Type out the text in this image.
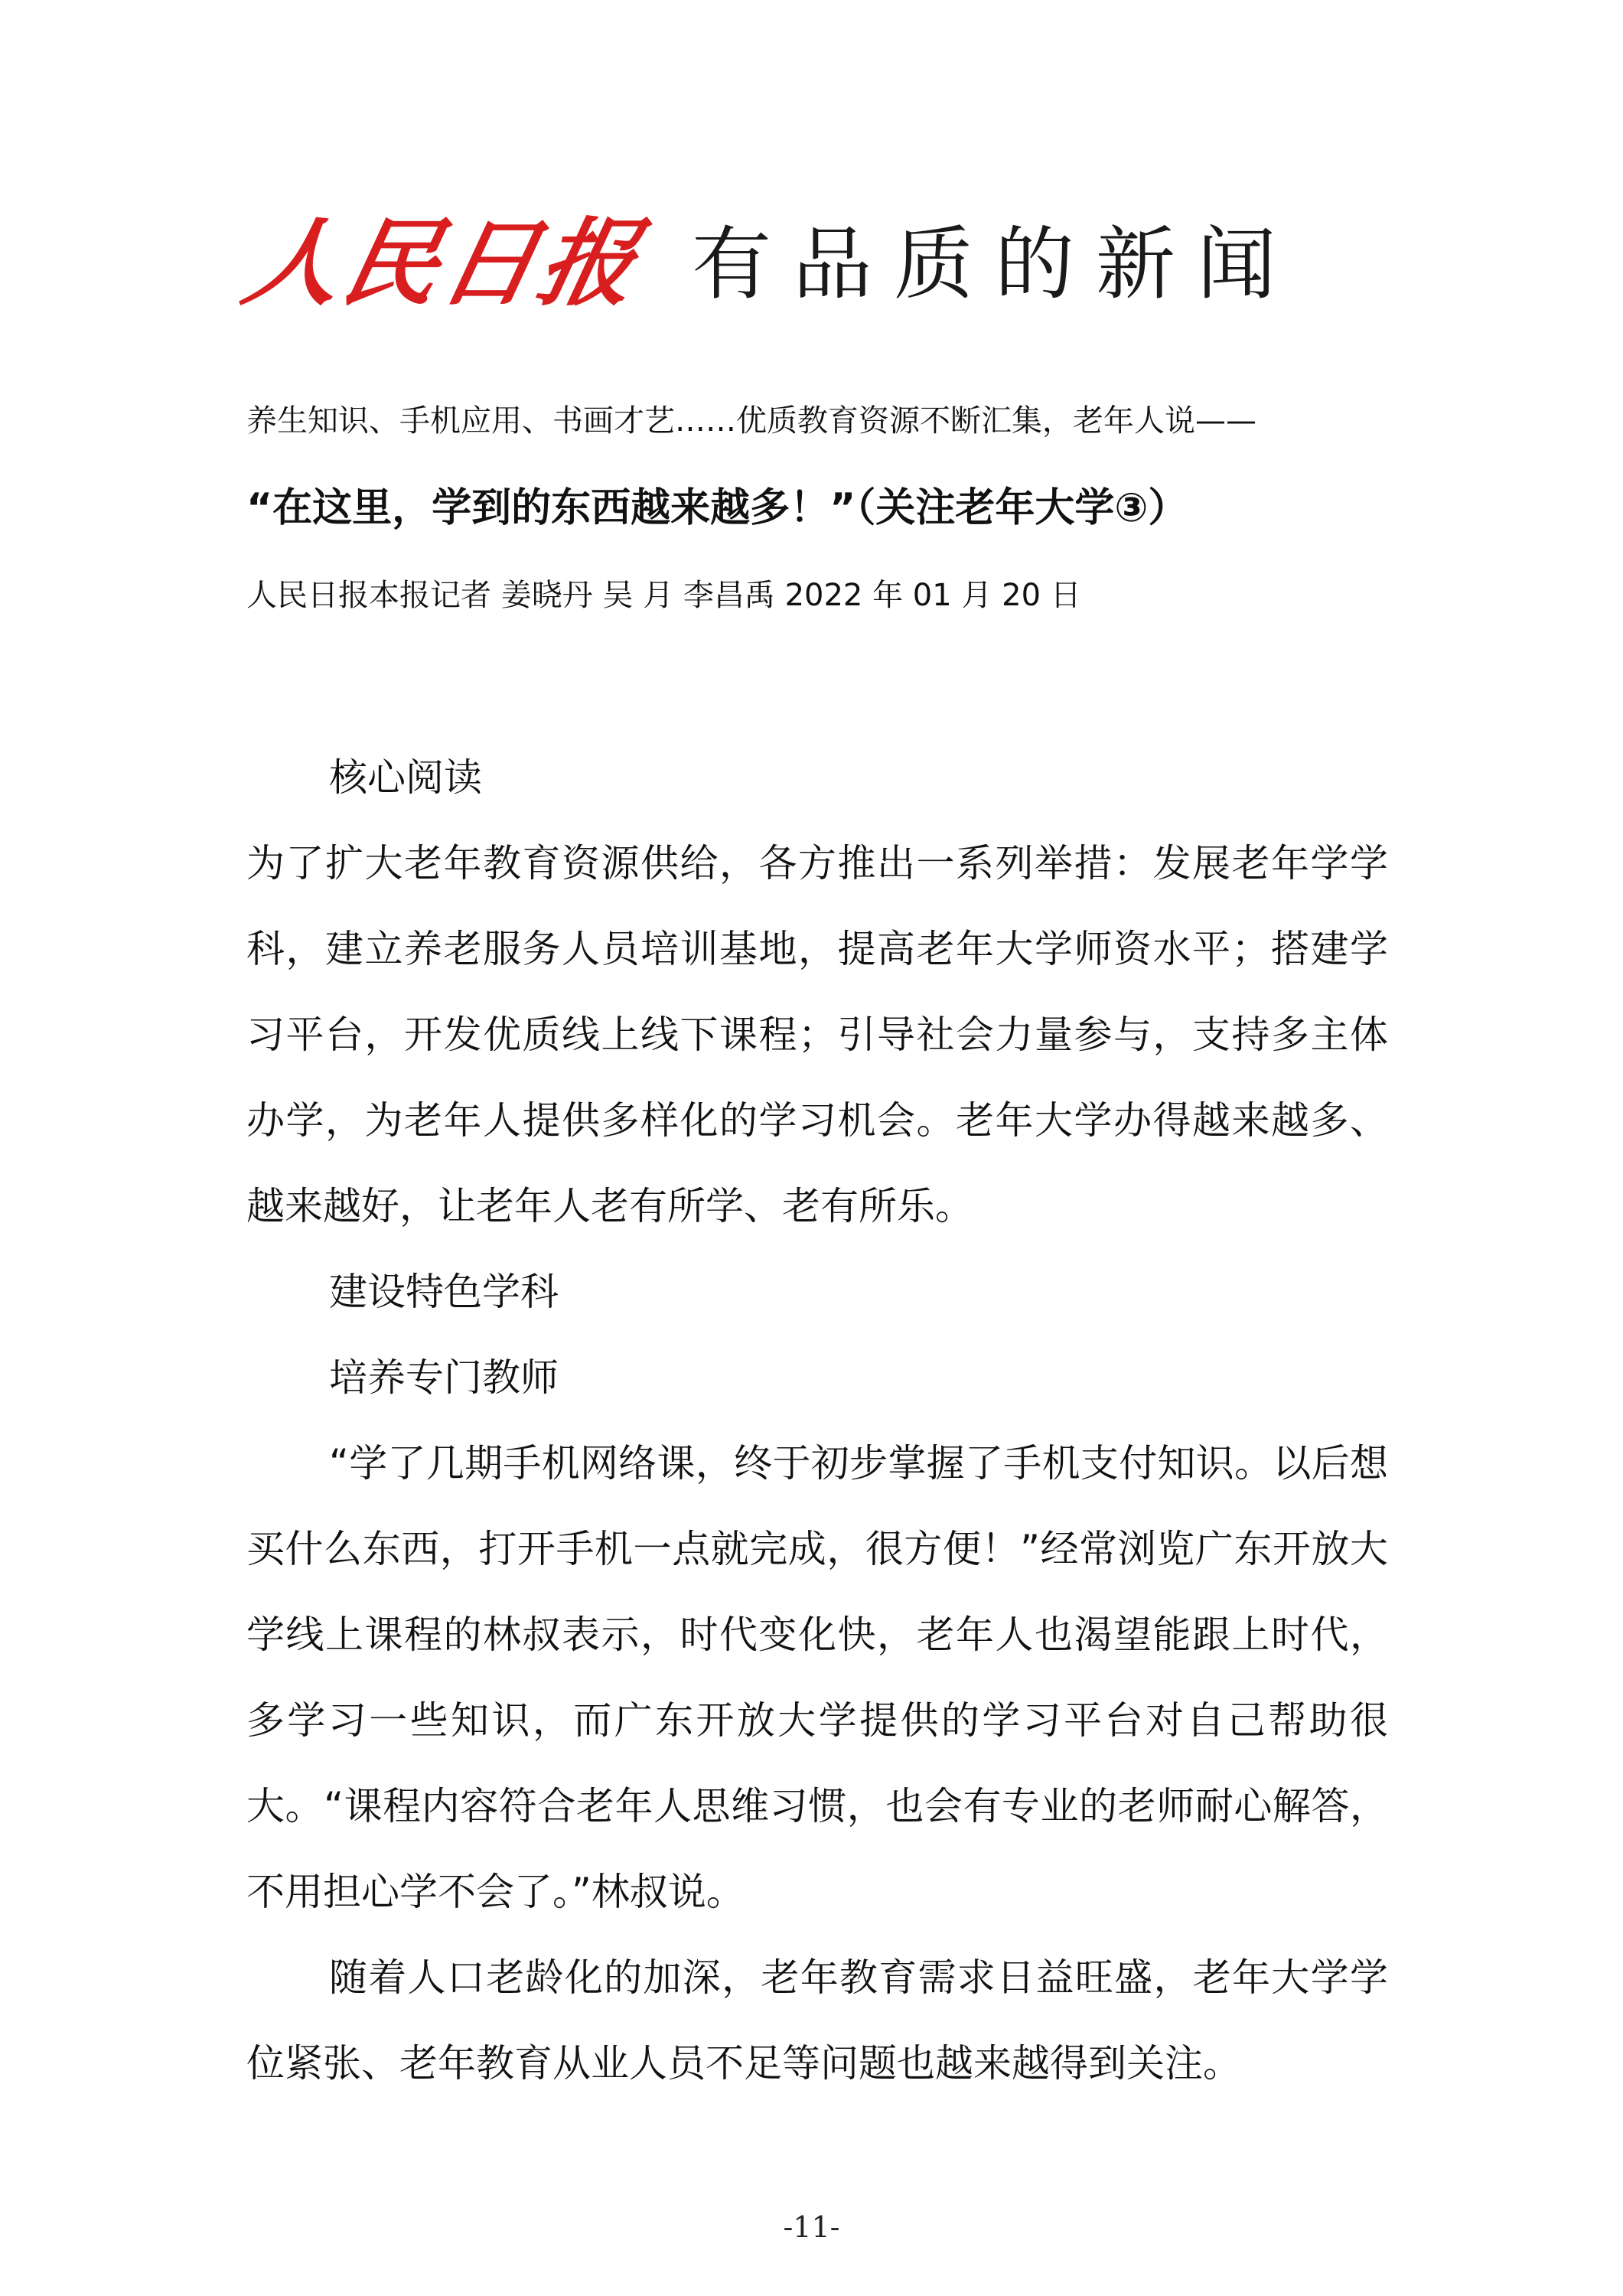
人民日报 有品质的新闻
养生知识、手机应用、书画才艺……优质教育资源不断汇集，老年人说——
“在这里，学到的东西越来越多！”（关注老年大学③）
人民日报本报记者 姜晓丹 吴 月 李昌禹 2022 年 01 月 20 日

核心阅读

为了扩大老年教育资源供给，各方推出一系列举措：发展老年学学科，建立养老服务人员培训基地，提高老年大学师资水平；搭建学习平台，开发优质线上线下课程；引导社会力量参与，支持多主体办学，为老年人提供多样化的学习机会。老年大学办得越来越多、越来越好，让老年人老有所学、老有所乐。

建设特色学科

培养专门教师

“学了几期手机网络课，终于初步掌握了手机支付知识。以后想买什么东西，打开手机一点就完成，很方便！”经常浏览广东开放大学线上课程的林叔表示，时代变化快，老年人也渴望能跟上时代，多学习一些知识，而广东开放大学提供的学习平台对自己帮助很大。“课程内容符合老年人思维习惯，也会有专业的老师耐心解答，不用担心学不会了。”林叔说。

随着人口老龄化的加深，老年教育需求日益旺盛，老年大学学位紧张、老年教育从业人员不足等问题也越来越得到关注。

-11-
